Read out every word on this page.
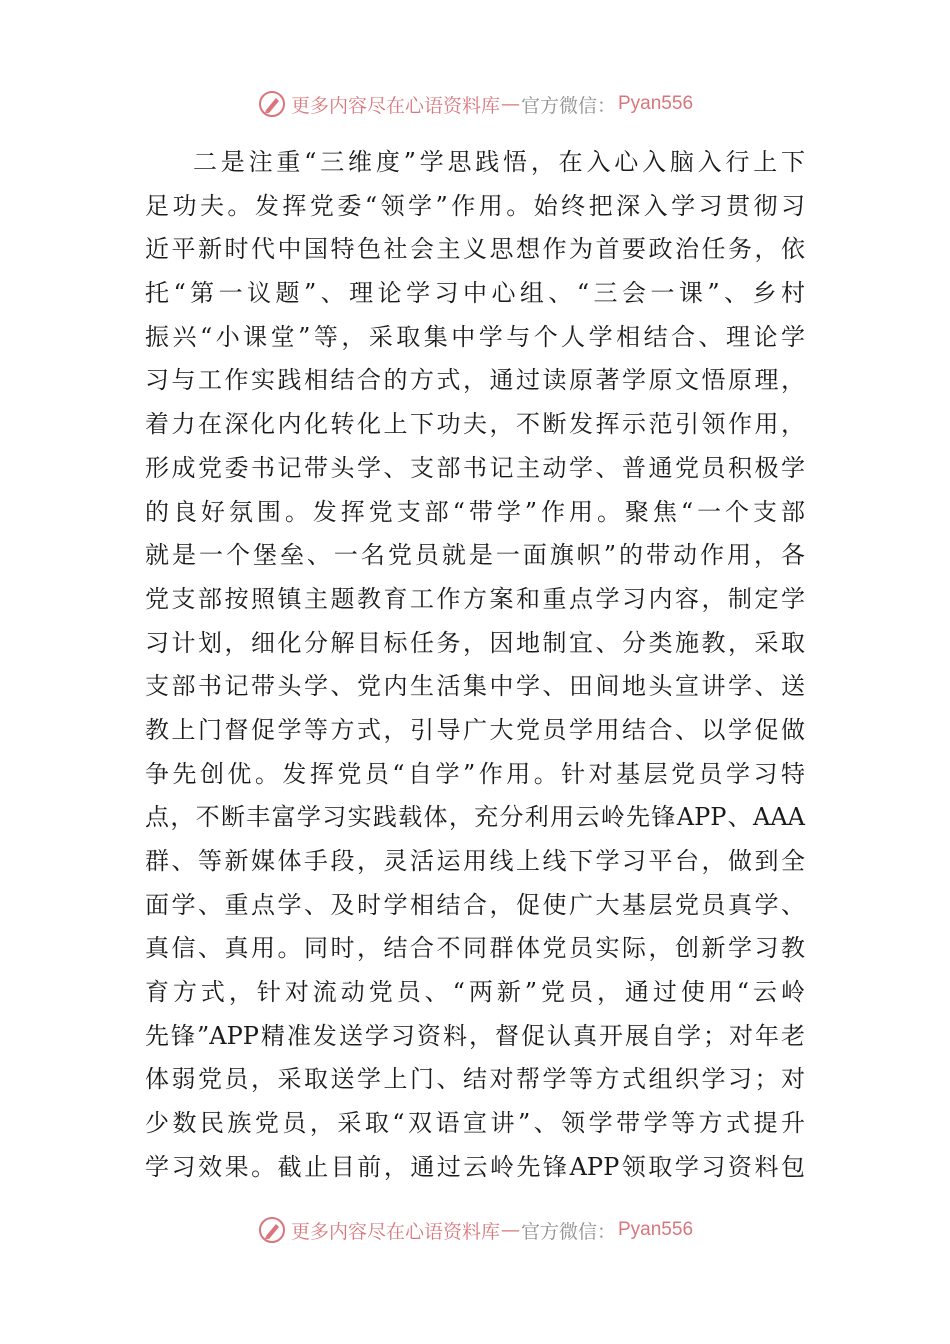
更多内容尽在心语资料库 — 官方微信： Pyan556
二是注重“三维度”学思践悟，在入心入脑入行上下
足功夫。发挥党委“领学”作用。始终把深入学习贯彻习
近平新时代中国特色社会主义思想作为首要政治任务，依
托“第一议题”、理论学习中心组、“三会一课”、乡村
振兴“小课堂”等，采取集中学与个人学相结合、理论学
习与工作实践相结合的方式，通过读原著学原文悟原理，
着力在深化内化转化上下功夫，不断发挥示范引领作用，
形成党委书记带头学、支部书记主动学、普通党员积极学
的良好氛围。发挥党支部“带学”作用。聚焦“一个支部
就是一个堡垒、一名党员就是一面旗帜”的带动作用，各
党支部按照镇主题教育工作方案和重点学习内容，制定学
习计划，细化分解目标任务，因地制宜、分类施教，采取
支部书记带头学、党内生活集中学、田间地头宣讲学、送
教上门督促学等方式，引导广大党员学用结合、以学促做
争先创优。发挥党员“自学”作用。针对基层党员学习特
点，不断丰富学习实践载体，充分利用云岭先锋APP、AAA
群、等新媒体手段，灵活运用线上线下学习平台，做到全
面学、重点学、及时学相结合，促使广大基层党员真学、
真信、真用。同时，结合不同群体党员实际，创新学习教
育方式，针对流动党员、“两新”党员，通过使用“云岭
先锋”APP精准发送学习资料，督促认真开展自学；对年老
体弱党员，采取送学上门、结对帮学等方式组织学习；对
少数民族党员，采取“双语宣讲”、领学带学等方式提升
学习效果。截止目前，通过云岭先锋APP领取学习资料包
更多内容尽在心语资料库 — 官方微信： Pyan556
